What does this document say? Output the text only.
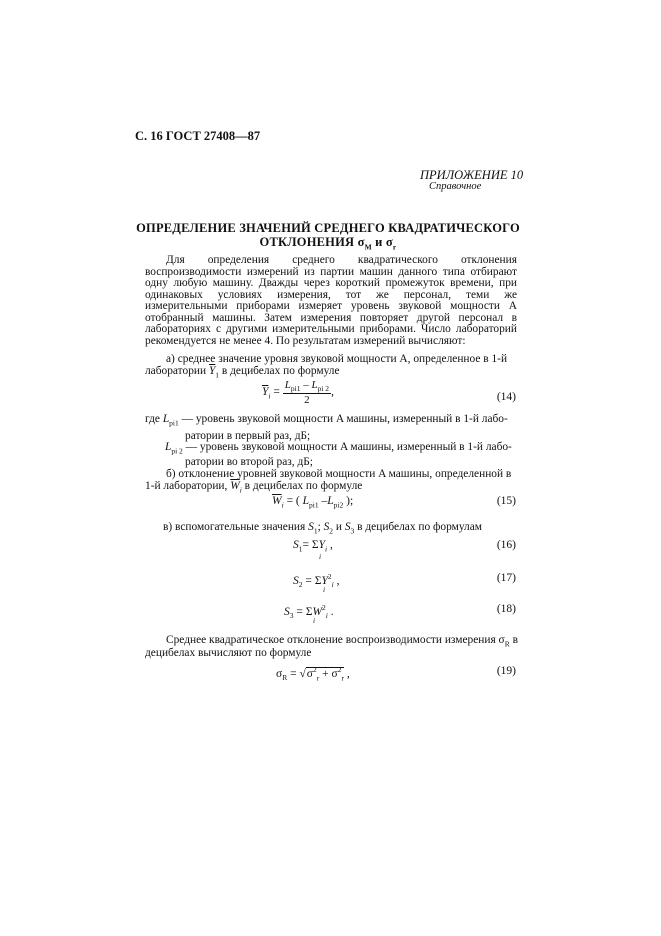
С. 16 ГОСТ 27408—87
ПРИЛОЖЕНИЕ 10
Справочное
ОПРЕДЕЛЕНИЕ ЗНАЧЕНИЙ СРЕДНЕГО КВАДРАТИЧЕСКОГО
ОТКЛОНЕНИЯ $\sigma_М$ и $\sigma_r$
Для определения среднего квадратического отклонения воспроизводимости измерений из партии машин данного типа отбирают одну любую машину. Дважды через короткий промежуток времени, при одинаковых условиях измерения, тот же персонал, теми же измерительными приборами измеряет уровень звуковой мощности A отобранный машины. Затем измерения повторяет другой персонал в лабораториях с другими измерительными приборами. Число лабораторий рекомендуется не менее 4. По результатам измерений вычисляют:
а) среднее значение уровня звуковой мощности A, определенное в 1-й
лаборатории $\overline{Y}_1$ в децибелах по формуле
$\overline{Y}_i = \frac{L_{pi1} - L_{pi 2}}{2}$ ,	(14)
где $L_{pi1}$ — уровень звуковой мощности A машины, измеренный в 1-й лабо-
ратории в первый раз, дБ;
$L_{pi 2}$ — уровень звуковой мощности A машины, измеренный в 1-й лабо-
ратории во второй раз, дБ;
б) отклонение уровней звуковой мощности A машины, определенной в
1-й лаборатории, $\overline{W}_i$ в децибелах по формуле
$\overline{W}_i$ = ( $L_{pi1}$ $-L_{pi2}$ );	(15)
в) вспомогательные значения $S_1$; $S_2$ и $S_3$ в децибелах по формулам
$S_1= \Sigma Y_i$ ,
i
(16)
$S_2 = \Sigma Y^2_i$ ,
i
(17)
$S_3 = \Sigma W^2_i$ .
i
(18)
Среднее квадратическое отклонение воспроизводимости измерения $\sigma_R$ в
децибелах вычисляют по формуле
$\sigma_R = √\sigma^2_r + \sigma^2_r$ ,	(19)
